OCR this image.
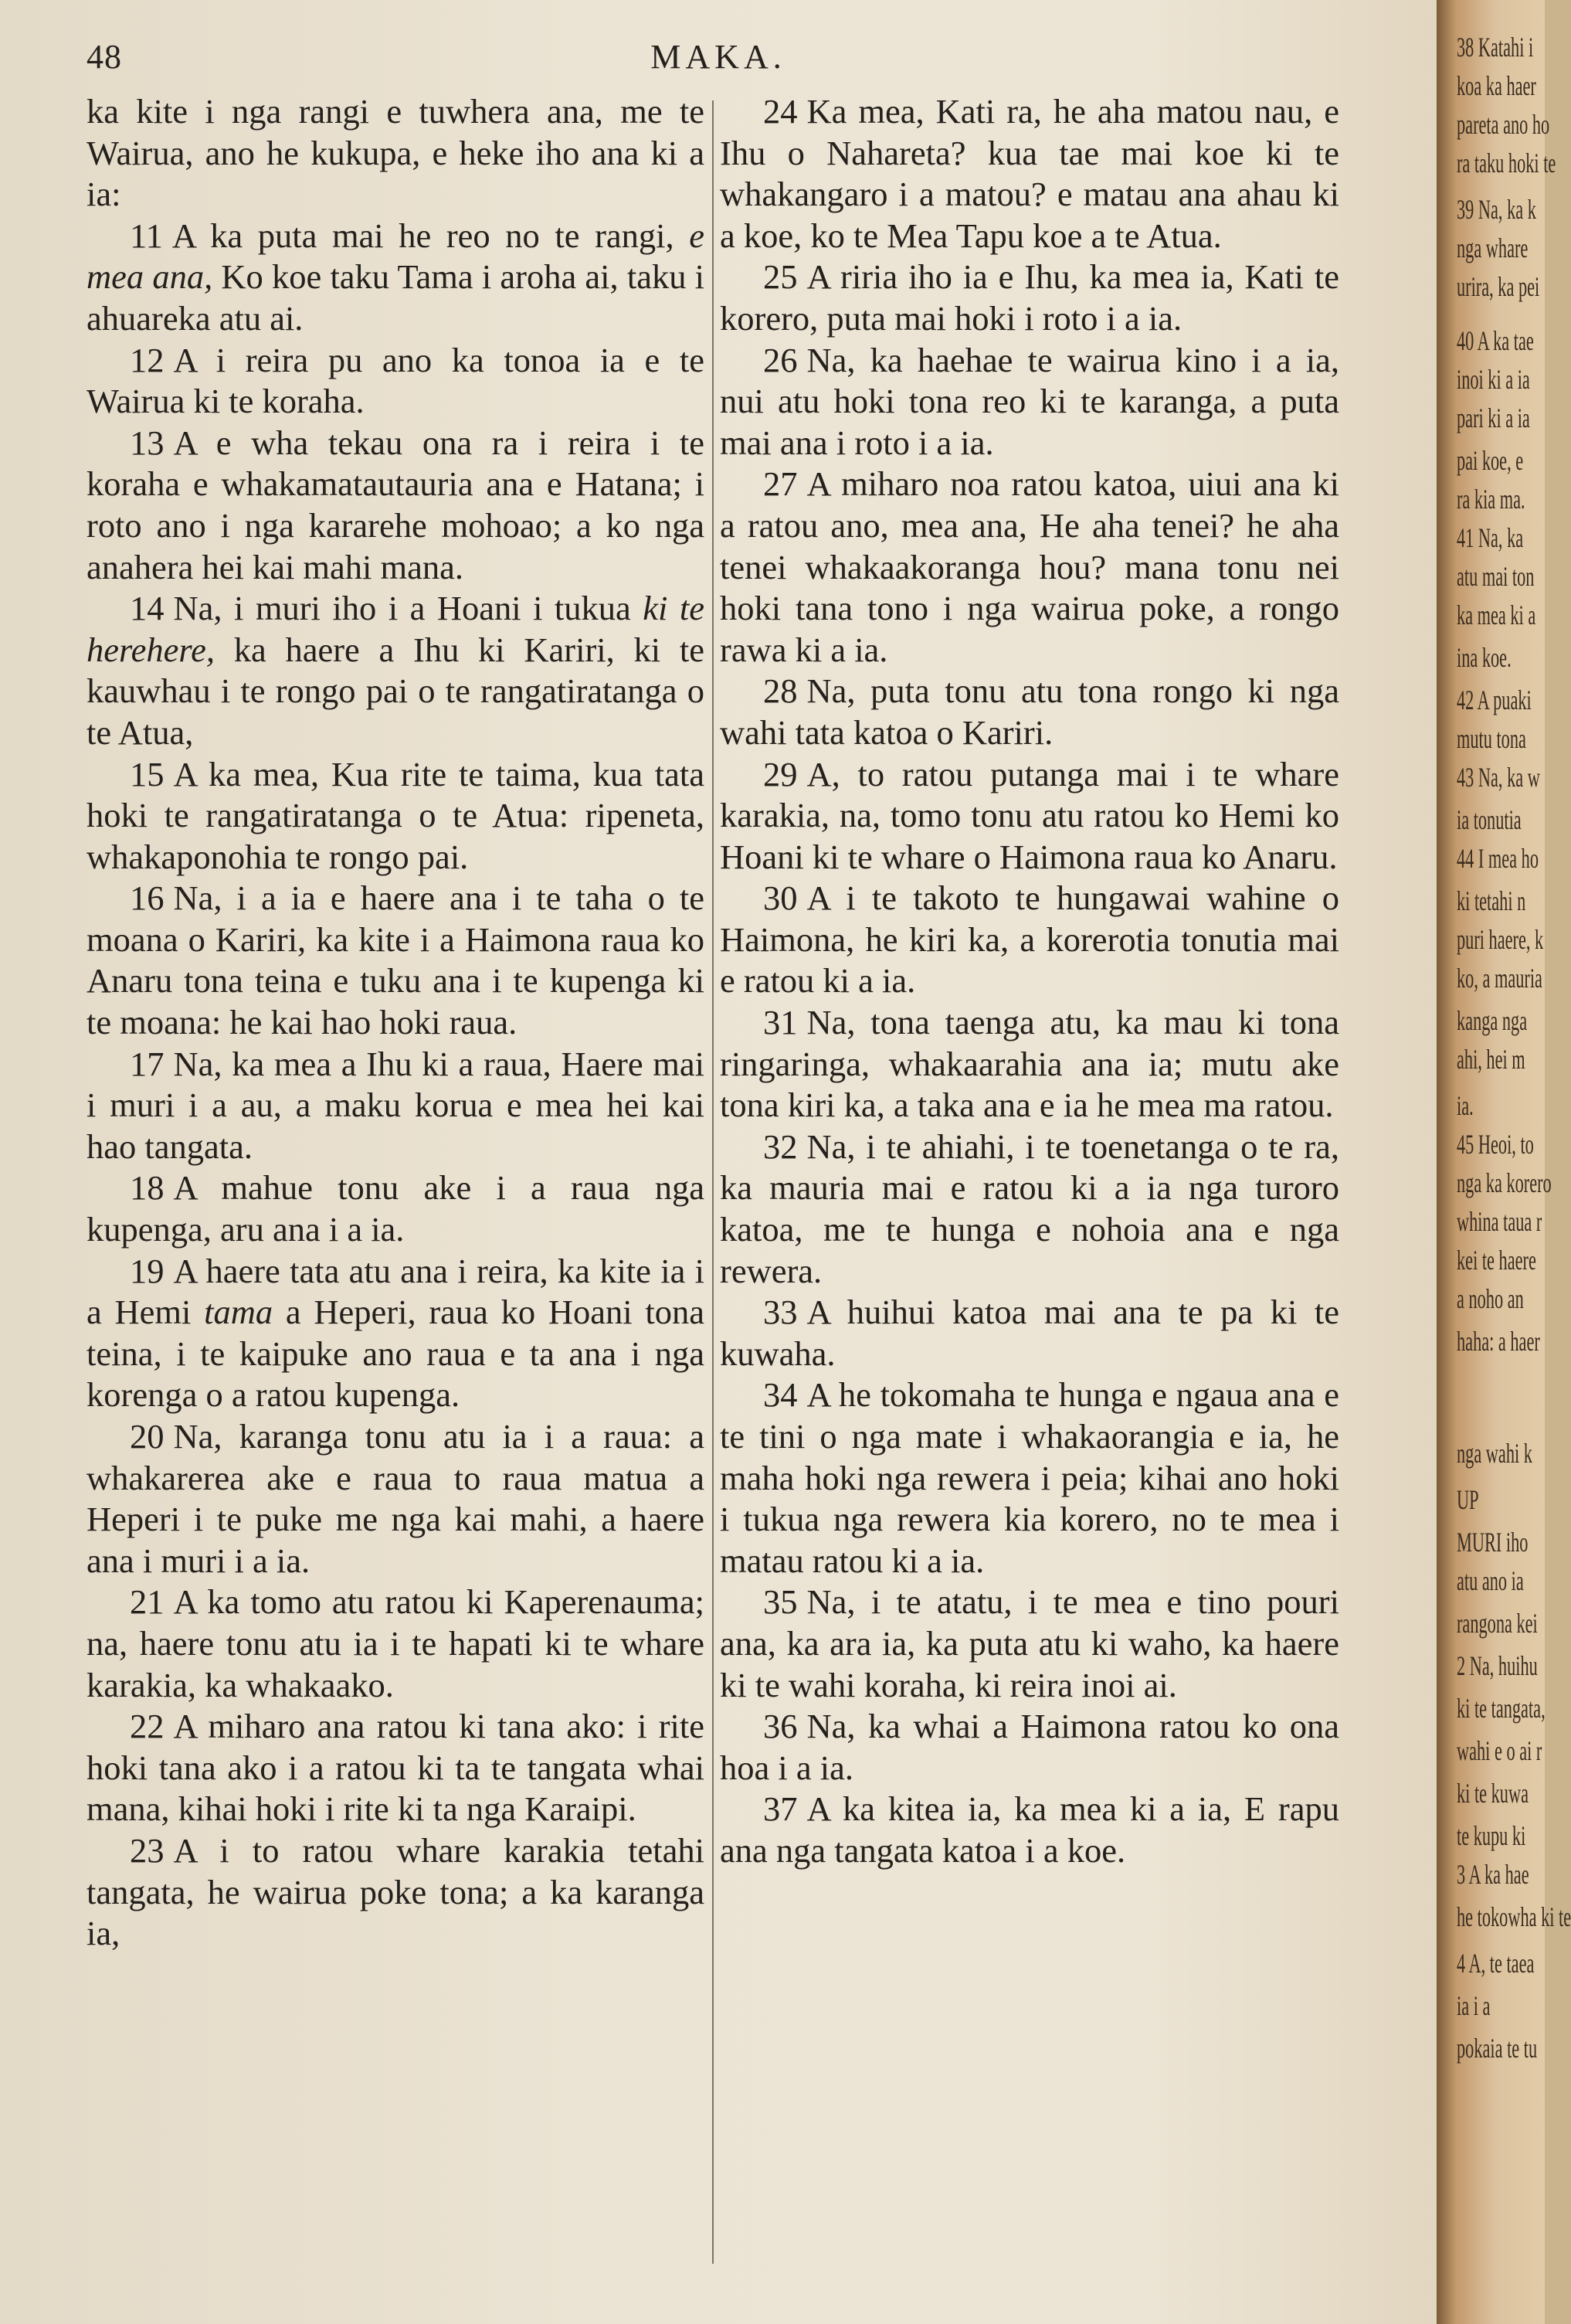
48	MAKA.

ka kite i nga rangi e tuwhera ana, me te Wairua, ano he kukupa, e heke iho ana ki a ia:

11 A ka puta mai he reo no te rangi, e mea ana, Ko koe taku Tama i aroha ai, taku i ahuareka atu ai.

12 A i reira pu ano ka tonoa ia e te Wairua ki te koraha.

13 A e wha tekau ona ra i reira i te koraha e whakamatautauria ana e Hatana; i roto ano i nga kararehe mohoao; a ko nga anahera hei kai mahi mana.

14 Na, i muri iho i a Hoani i tukua ki te herehere, ka haere a Ihu ki Kariri, ki te kauwhau i te rongo pai o te rangatiratanga o te Atua,

15 A ka mea, Kua rite te taima, kua tata hoki te rangatiratanga o te Atua: ripeneta, whakaponohia te rongo pai.

16 Na, i a ia e haere ana i te taha o te moana o Kariri, ka kite i a Haimona raua ko Anaru tona teina e tuku ana i te kupenga ki te moana: he kai hao hoki raua.

17 Na, ka mea a Ihu ki a raua, Haere mai i muri i a au, a maku korua e mea hei kai hao tangata.

18 A mahue tonu ake i a raua nga kupenga, aru ana i a ia.

19 A haere tata atu ana i reira, ka kite ia i a Hemi tama a Heperi, raua ko Hoani tona teina, i te kaipuke ano raua e ta ana i nga korenga o a ratou kupenga.

20 Na, karanga tonu atu ia i a raua: a whakarerea ake e raua to raua matua a Heperi i te puke me nga kai mahi, a haere ana i muri i a ia.

21 A ka tomo atu ratou ki Kaperenauma; na, haere tonu atu ia i te hapati ki te whare karakia, ka whakaako.

22 A miharo ana ratou ki tana ako: i rite hoki tana ako i a ratou ki ta te tangata whai mana, kihai hoki i rite ki ta nga Karaipi.

23 A i to ratou whare karakia tetahi tangata, he wairua poke tona; a ka karanga ia,

24 Ka mea, Kati ra, he aha matou nau, e Ihu o Nahareta? kua tae mai koe ki te whakangaro i a matou? e matau ana ahau ki a koe, ko te Mea Tapu koe a te Atua.

25 A riria iho ia e Ihu, ka mea ia, Kati te korero, puta mai hoki i roto i a ia.

26 Na, ka haehae te wairua kino i a ia, nui atu hoki tona reo ki te karanga, a puta mai ana i roto i a ia.

27 A miharo noa ratou katoa, uiui ana ki a ratou ano, mea ana, He aha tenei? he aha tenei whakaakoranga hou? mana tonu nei hoki tana tono i nga wairua poke, a rongo rawa ki a ia.

28 Na, puta tonu atu tona rongo ki nga wahi tata katoa o Kariri.

29 A, to ratou putanga mai i te whare karakia, na, tomo tonu atu ratou ko Hemi ko Hoani ki te whare o Haimona raua ko Anaru.

30 A i te takoto te hungawai wahine o Haimona, he kiri ka, a korerotia tonutia mai e ratou ki a ia.

31 Na, tona taenga atu, ka mau ki tona ringaringa, whakaarahia ana ia; mutu ake tona kiri ka, a taka ana e ia he mea ma ratou.

32 Na, i te ahiahi, i te toenetanga o te ra, ka mauria mai e ratou ki a ia nga turoro katoa, me te hunga e nohoia ana e nga rewera.

33 A huihui katoa mai ana te pa ki te kuwaha.

34 A he tokomaha te hunga e ngaua ana e te tini o nga mate i whakaorangia e ia, he maha hoki nga rewera i peia; kihai ano hoki i tukua nga rewera kia korero, no te mea i matau ratou ki a ia.

35 Na, i te atatu, i te mea e tino pouri ana, ka ara ia, ka puta atu ki waho, ka haere ki te wahi koraha, ki reira inoi ai.

36 Na, ka whai a Haimona ratou ko ona hoa i a ia.

37 A ka kitea ia, ka mea ki a ia, E rapu ana nga tangata katoa i a koe.

38 Katahi i
koa ka haer
pareta ano ho
ra taku hoki te
39 Na, ka k
nga whare
urira, ka pei
40 A ka tae
inoi ki a ia
pari ki a ia
pai koe, e
ra kia ma.
41 Na, ka
atu mai ton
ka mea ki a
ina koe.
42 A puaki
mutu tona
43 Na, ka w
ia tonutia
44 I mea ho
ki tetahi n
puri haere, k
ko, a mauria
kanga nga
ahi, hei m
ia.
45 Heoi, to
nga ka korero
whina taua r
kei te haere
a noho an
haha: a haer
nga wahi k
UP
MURI iho
atu ano ia
rangona kei
2 Na, huihu
ki te tangata,
wahi e o ai r
ki te kuwa
te kupu ki
3 A ka hae
he tokowha ki te
4 A, te taea
ia i a
pokaia te tu
